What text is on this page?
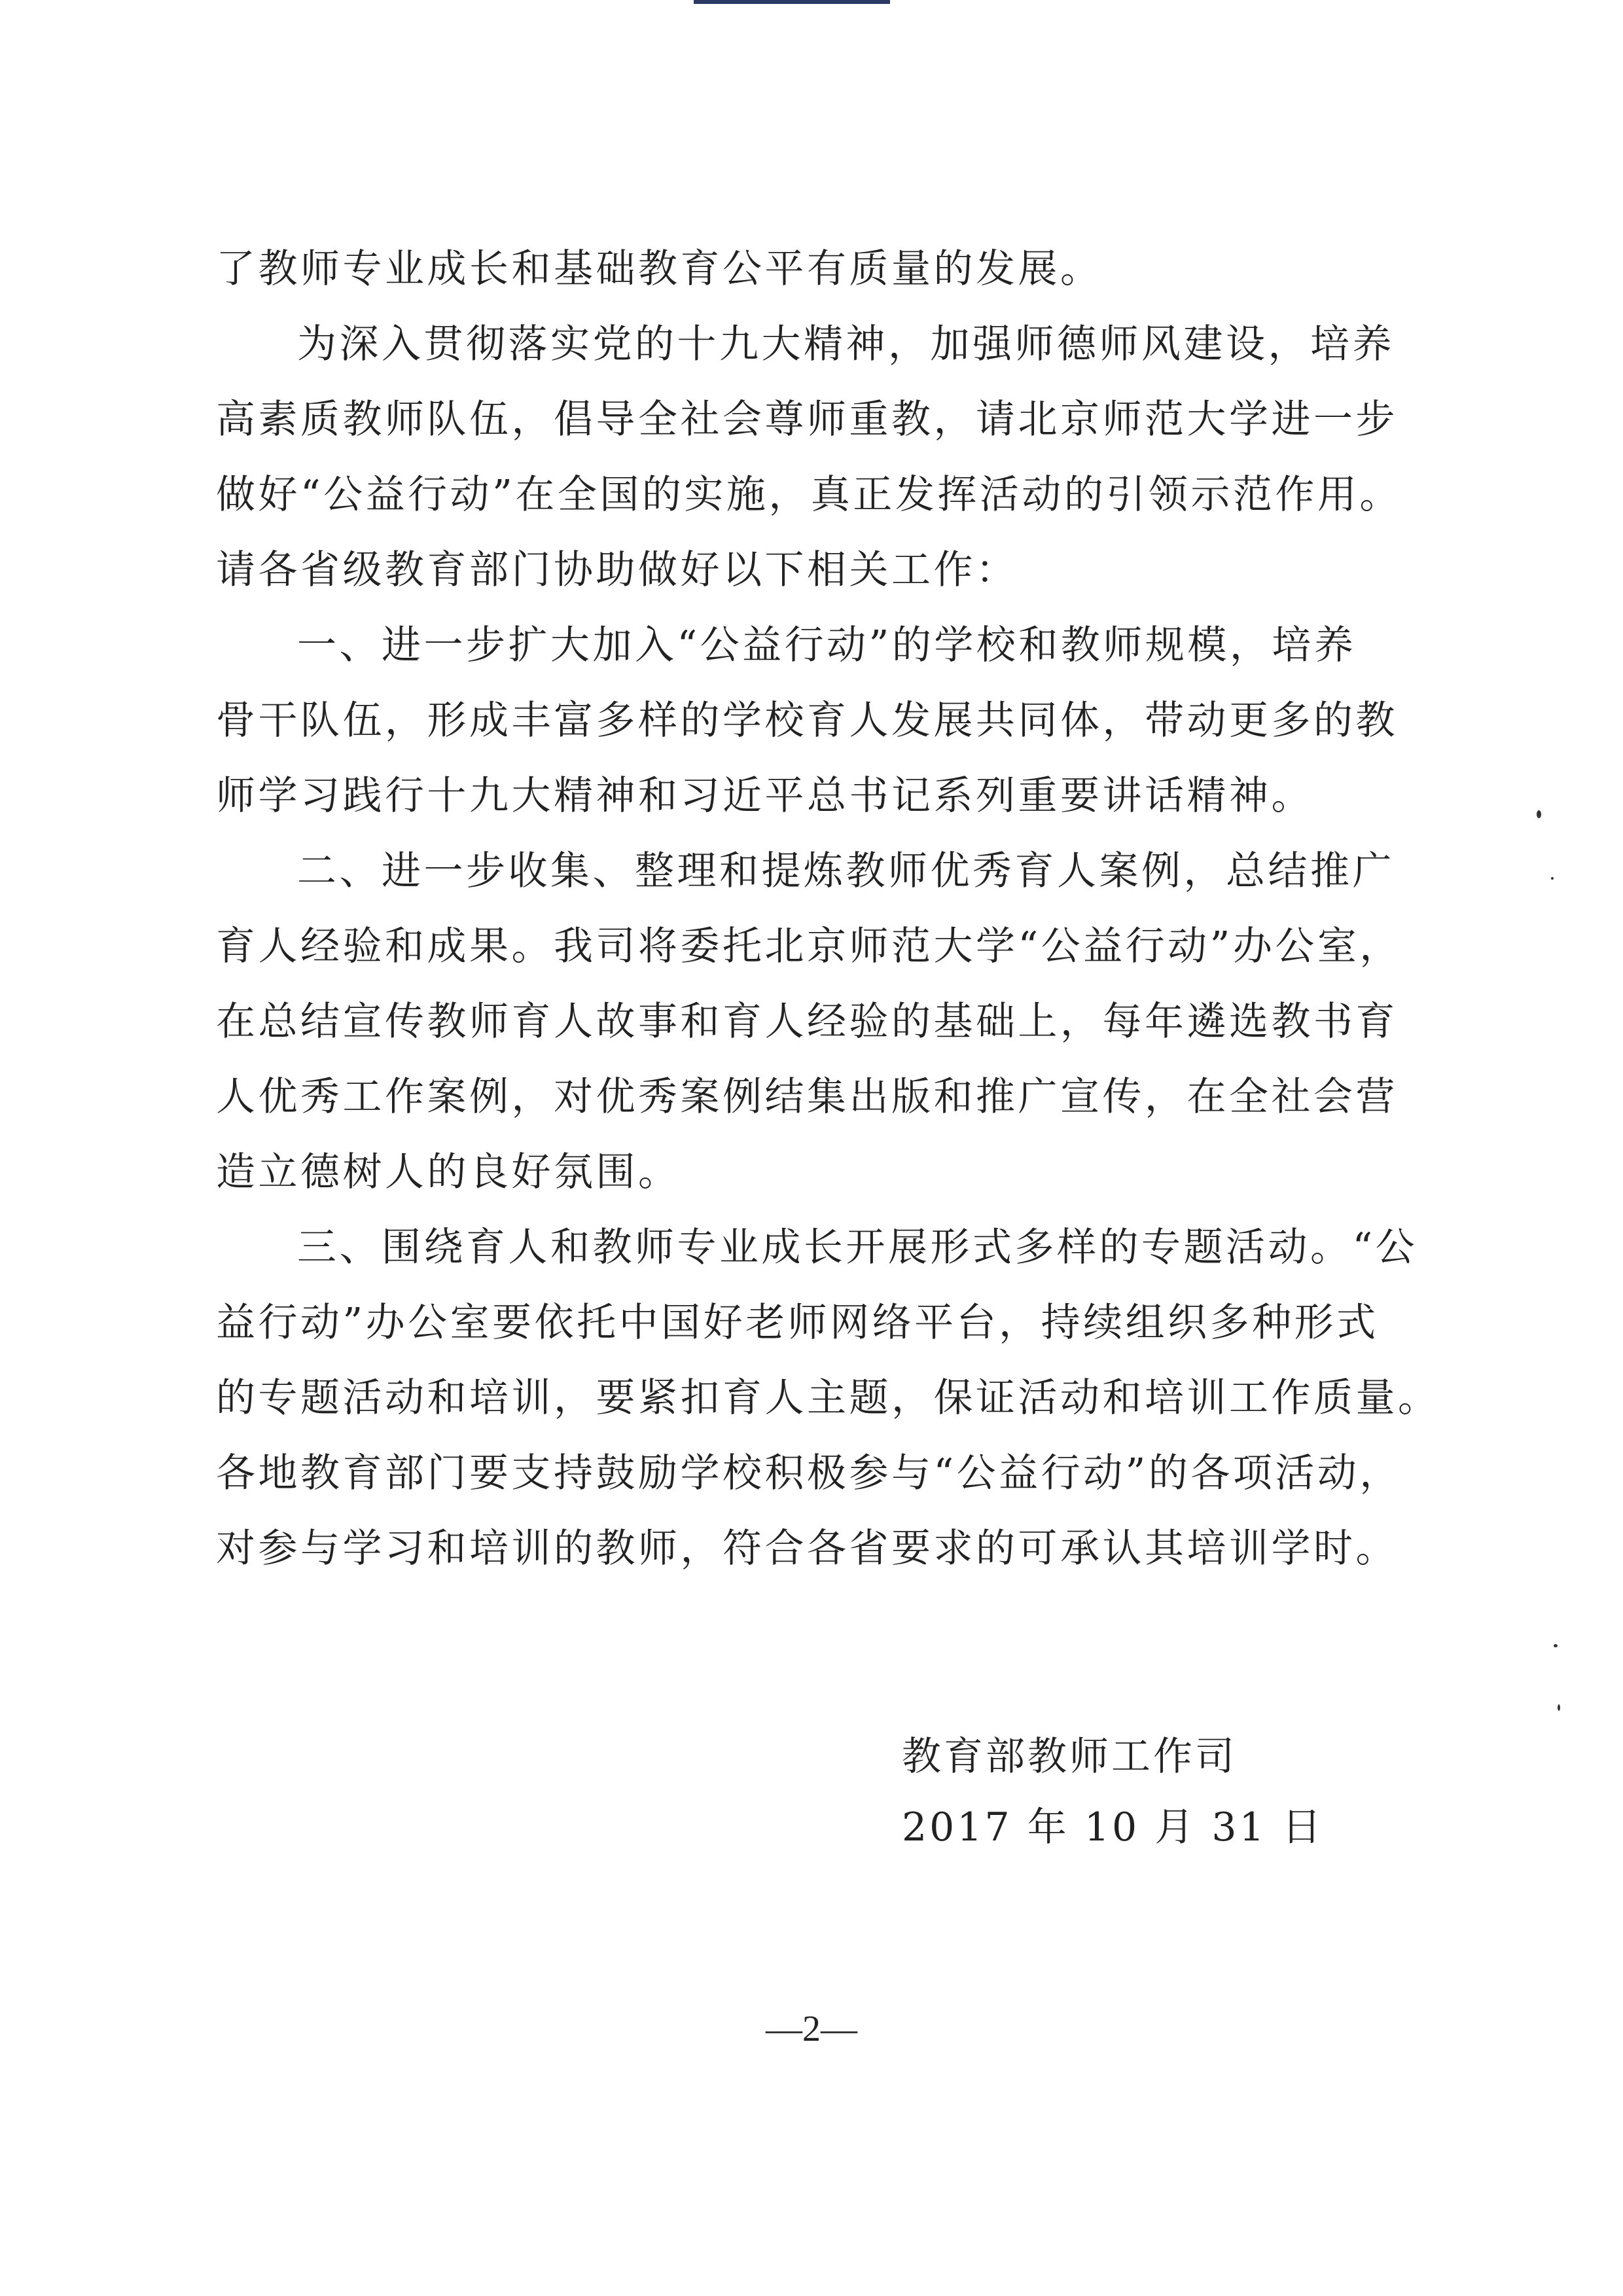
了教师专业成长和基础教育公平有质量的发展。
为深入贯彻落实党的十九大精神，加强师德师风建设，培养
高素质教师队伍，倡导全社会尊师重教，请北京师范大学进一步
做好“公益行动”在全国的实施，真正发挥活动的引领示范作用。
请各省级教育部门协助做好以下相关工作：
一、进一步扩大加入“公益行动”的学校和教师规模，培养
骨干队伍，形成丰富多样的学校育人发展共同体，带动更多的教
师学习践行十九大精神和习近平总书记系列重要讲话精神。
二、进一步收集、整理和提炼教师优秀育人案例，总结推广
育人经验和成果。我司将委托北京师范大学“公益行动”办公室，
在总结宣传教师育人故事和育人经验的基础上，每年遴选教书育
人优秀工作案例，对优秀案例结集出版和推广宣传，在全社会营
造立德树人的良好氛围。
三、围绕育人和教师专业成长开展形式多样的专题活动。“公
益行动”办公室要依托中国好老师网络平台，持续组织多种形式
的专题活动和培训，要紧扣育人主题，保证活动和培训工作质量。
各地教育部门要支持鼓励学校积极参与“公益行动”的各项活动，
对参与学习和培训的教师，符合各省要求的可承认其培训学时。
教育部教师工作司
2017 年 10 月 31 日
—2—
